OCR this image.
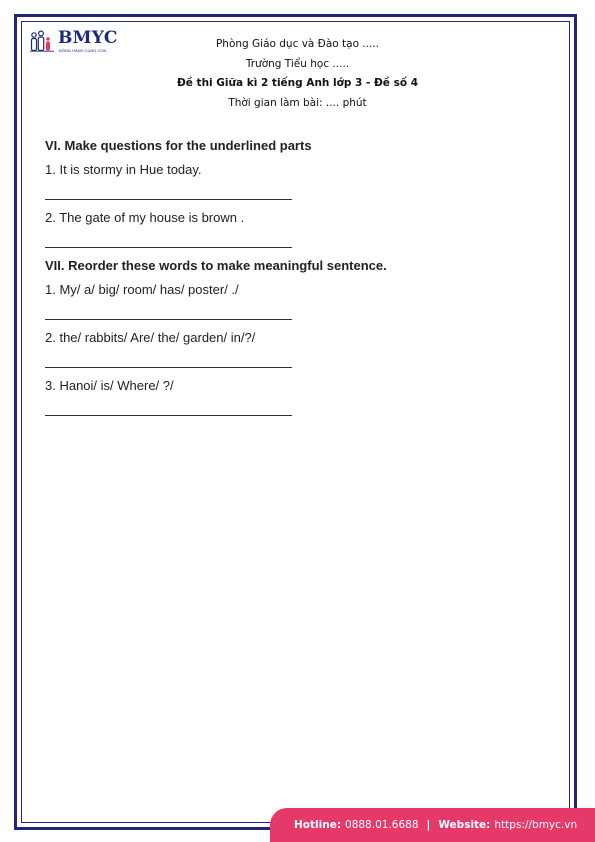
BMYC
ĐỒNG HÀNH CÙNG CON
Phòng Giáo dục và Đào tạo .....
Trường Tiểu học .....
Đề thi Giữa kì 2 tiếng Anh lớp 3 - Đề số 4
Thời gian làm bài: .... phút
VI. Make questions for the underlined parts
1. It is stormy in Hue today.
2. The gate of my house is brown .
VII. Reorder these words to make meaningful sentence.
1. My/ a/ big/ room/ has/ poster/ ./
2. the/ rabbits/ Are/ the/ garden/ in/?/
3. Hanoi/ is/ Where/ ?/
Hotline: 0888.01.6688 | Website: https://bmyc.vn
